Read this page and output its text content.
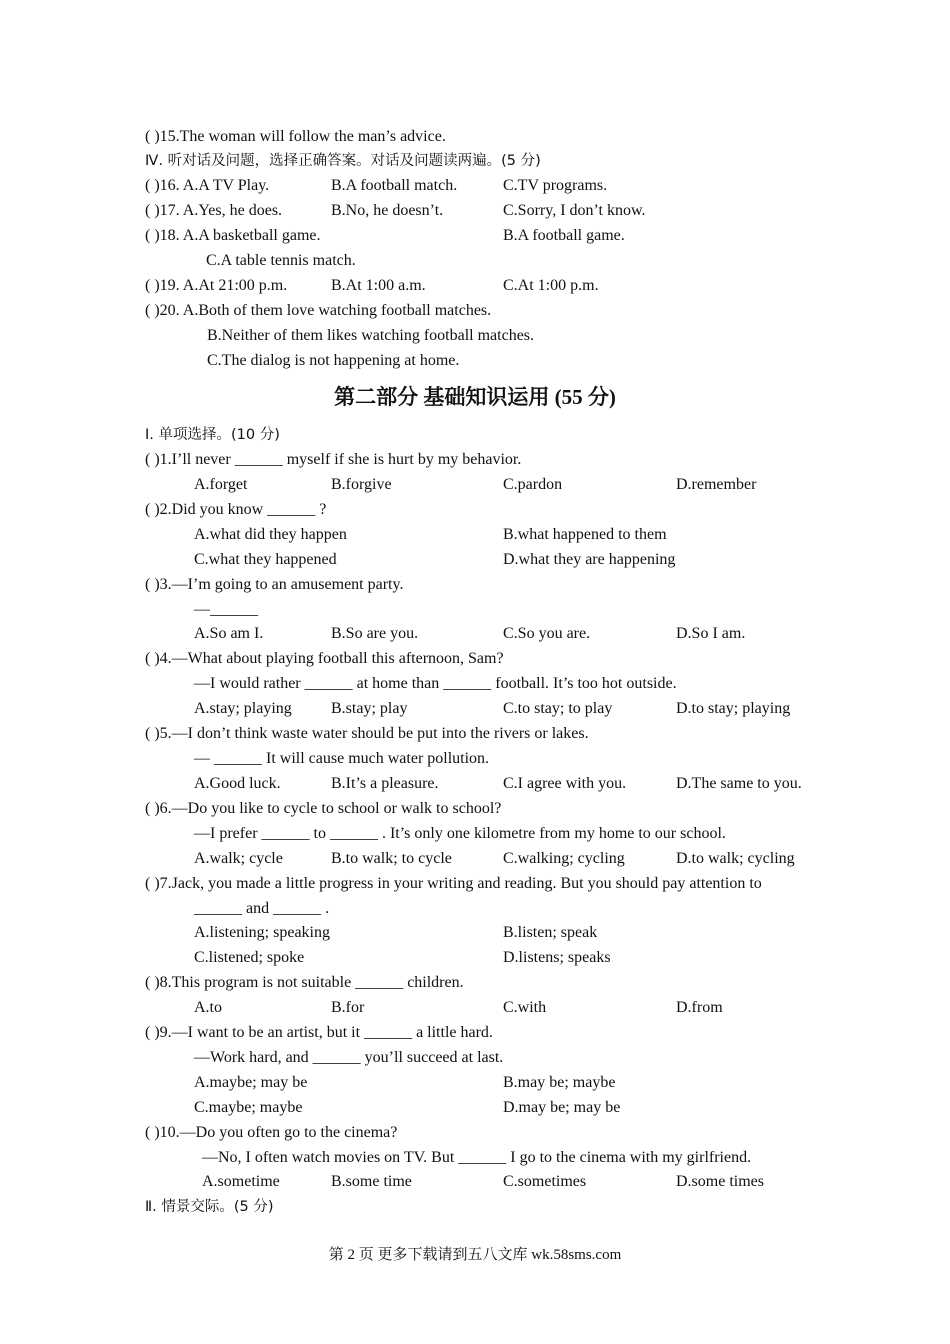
( )15.The woman will follow the man’s advice.
Ⅳ. 听对话及问题，选择正确答案。对话及问题读两遍。(5 分)
( )16. A.A TV Play.	B.A football match.	C.TV programs.
( )17. A.Yes, he does.	B.No, he doesn’t.	C.Sorry, I don’t know.
( )18. A.A basketball game.	B.A football game.
C.A table tennis match.
( )19. A.At 21:00 p.m.	B.At 1:00 a.m.	C.At 1:00 p.m.
( )20. A.Both of them love watching football matches.
B.Neither of them likes watching football matches.
C.The dialog is not happening at home.
第二部分 基础知识运用 (55 分)
Ⅰ. 单项选择。(10 分)
( )1.I’ll never ______ myself if she is hurt by my behavior.
A.forget	B.forgive	C.pardon	D.remember
( )2.Did you know ______ ?
A.what did they happen	B.what happened to them
C.what they happened	D.what they are happening
( )3.—I’m going to an amusement party.
—______
A.So am I.	B.So are you.	C.So you are.	D.So I am.
( )4.—What about playing football this afternoon, Sam?
—I would rather ______ at home than ______ football. It’s too hot outside.
A.stay; playing B.stay; play	C.to stay; to play	D.to stay; playing
( )5.—I don’t think waste water should be put into the rivers or lakes.
— ______ It will cause much water pollution.
A.Good luck.	B.It’s a pleasure.	C.I agree with you.	D.The same to you.
( )6.—Do you like to cycle to school or walk to school?
—I prefer ______ to ______ . It’s only one kilometre from my home to our school.
A.walk; cycle	B.to walk; to cycle	C.walking; cycling	D.to walk; cycling
( )7.Jack, you made a little progress in your writing and reading. But you should pay attention to
______ and ______ .
A.listening; speaking	B.listen; speak
C.listened; spoke	D.listens; speaks
( )8.This program is not suitable ______ children.
A.to	B.for	C.with	D.from
( )9.—I want to be an artist, but it ______ a little hard.
—Work hard, and ______ you’ll succeed at last.
A.maybe; may be	B.may be; maybe
C.maybe; maybe	D.may be; may be
( )10.—Do you often go to the cinema?
—No, I often watch movies on TV. But ______ I go to the cinema with my girlfriend.
A.sometime	B.some time	C.sometimes	D.some times
Ⅱ. 情景交际。(5 分)
第 2 页 更多下载请到五八文库 wk.58sms.com
